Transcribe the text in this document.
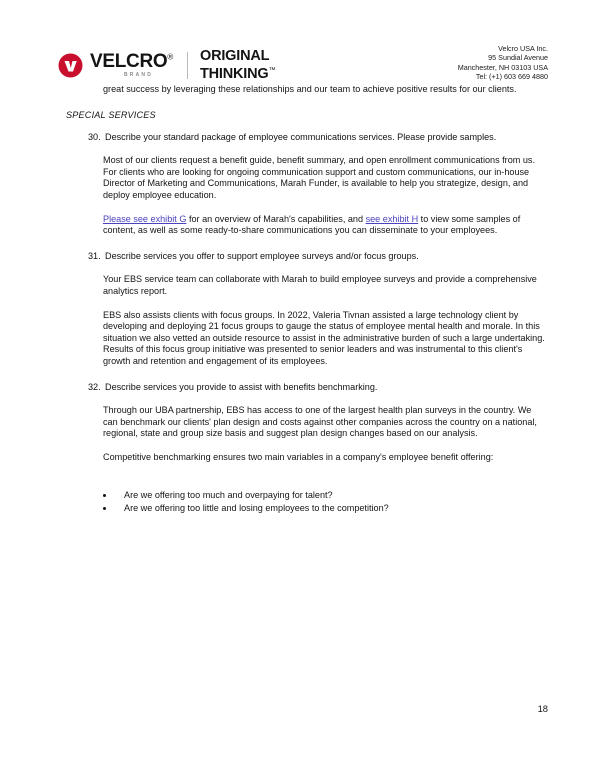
VELCRO®
BRAND
ORIGINAL
THINKING™
Velcro USA Inc.
95 Sundial Avenue
Manchester, NH 03103 USA
Tel: (+1) 603 669 4880

great success by leveraging these relationships and our team to achieve positive results for our clients.

SPECIAL SERVICES
30. Describe your standard package of employee communications services. Please provide samples.

Most of our clients request a benefit guide, benefit summary, and open enrollment communications from us. For clients who are looking for ongoing communication support and custom communications, our in-house Director of Marketing and Communications, Marah Funder, is available to help you strategize, design, and deploy employee education.

Please see exhibit G for an overview of Marah's capabilities, and see exhibit H to view some samples of content, as well as some ready-to-share communications you can disseminate to your employees.

31. Describe services you offer to support employee surveys and/or focus groups.

Your EBS service team can collaborate with Marah to build employee surveys and provide a comprehensive analytics report.

EBS also assists clients with focus groups. In 2022, Valeria Tivnan assisted a large technology client by developing and deploying 21 focus groups to gauge the status of employee mental health and morale. In this situation we also vetted an outside resource to assist in the administrative burden of such a large undertaking. Results of this focus group initiative was presented to senior leaders and was instrumental to this client's growth and retention and engagement of its employees.

32. Describe services you provide to assist with benefits benchmarking.

Through our UBA partnership, EBS has access to one of the largest health plan surveys in the country. We can benchmark our clients' plan design and costs against other companies across the country on a national, regional, state and group size basis and suggest plan design changes based on our analysis.

Competitive benchmarking ensures two main variables in a company's employee benefit offering:

Are we offering too much and overpaying for talent?
Are we offering too little and losing employees to the competition?
18
